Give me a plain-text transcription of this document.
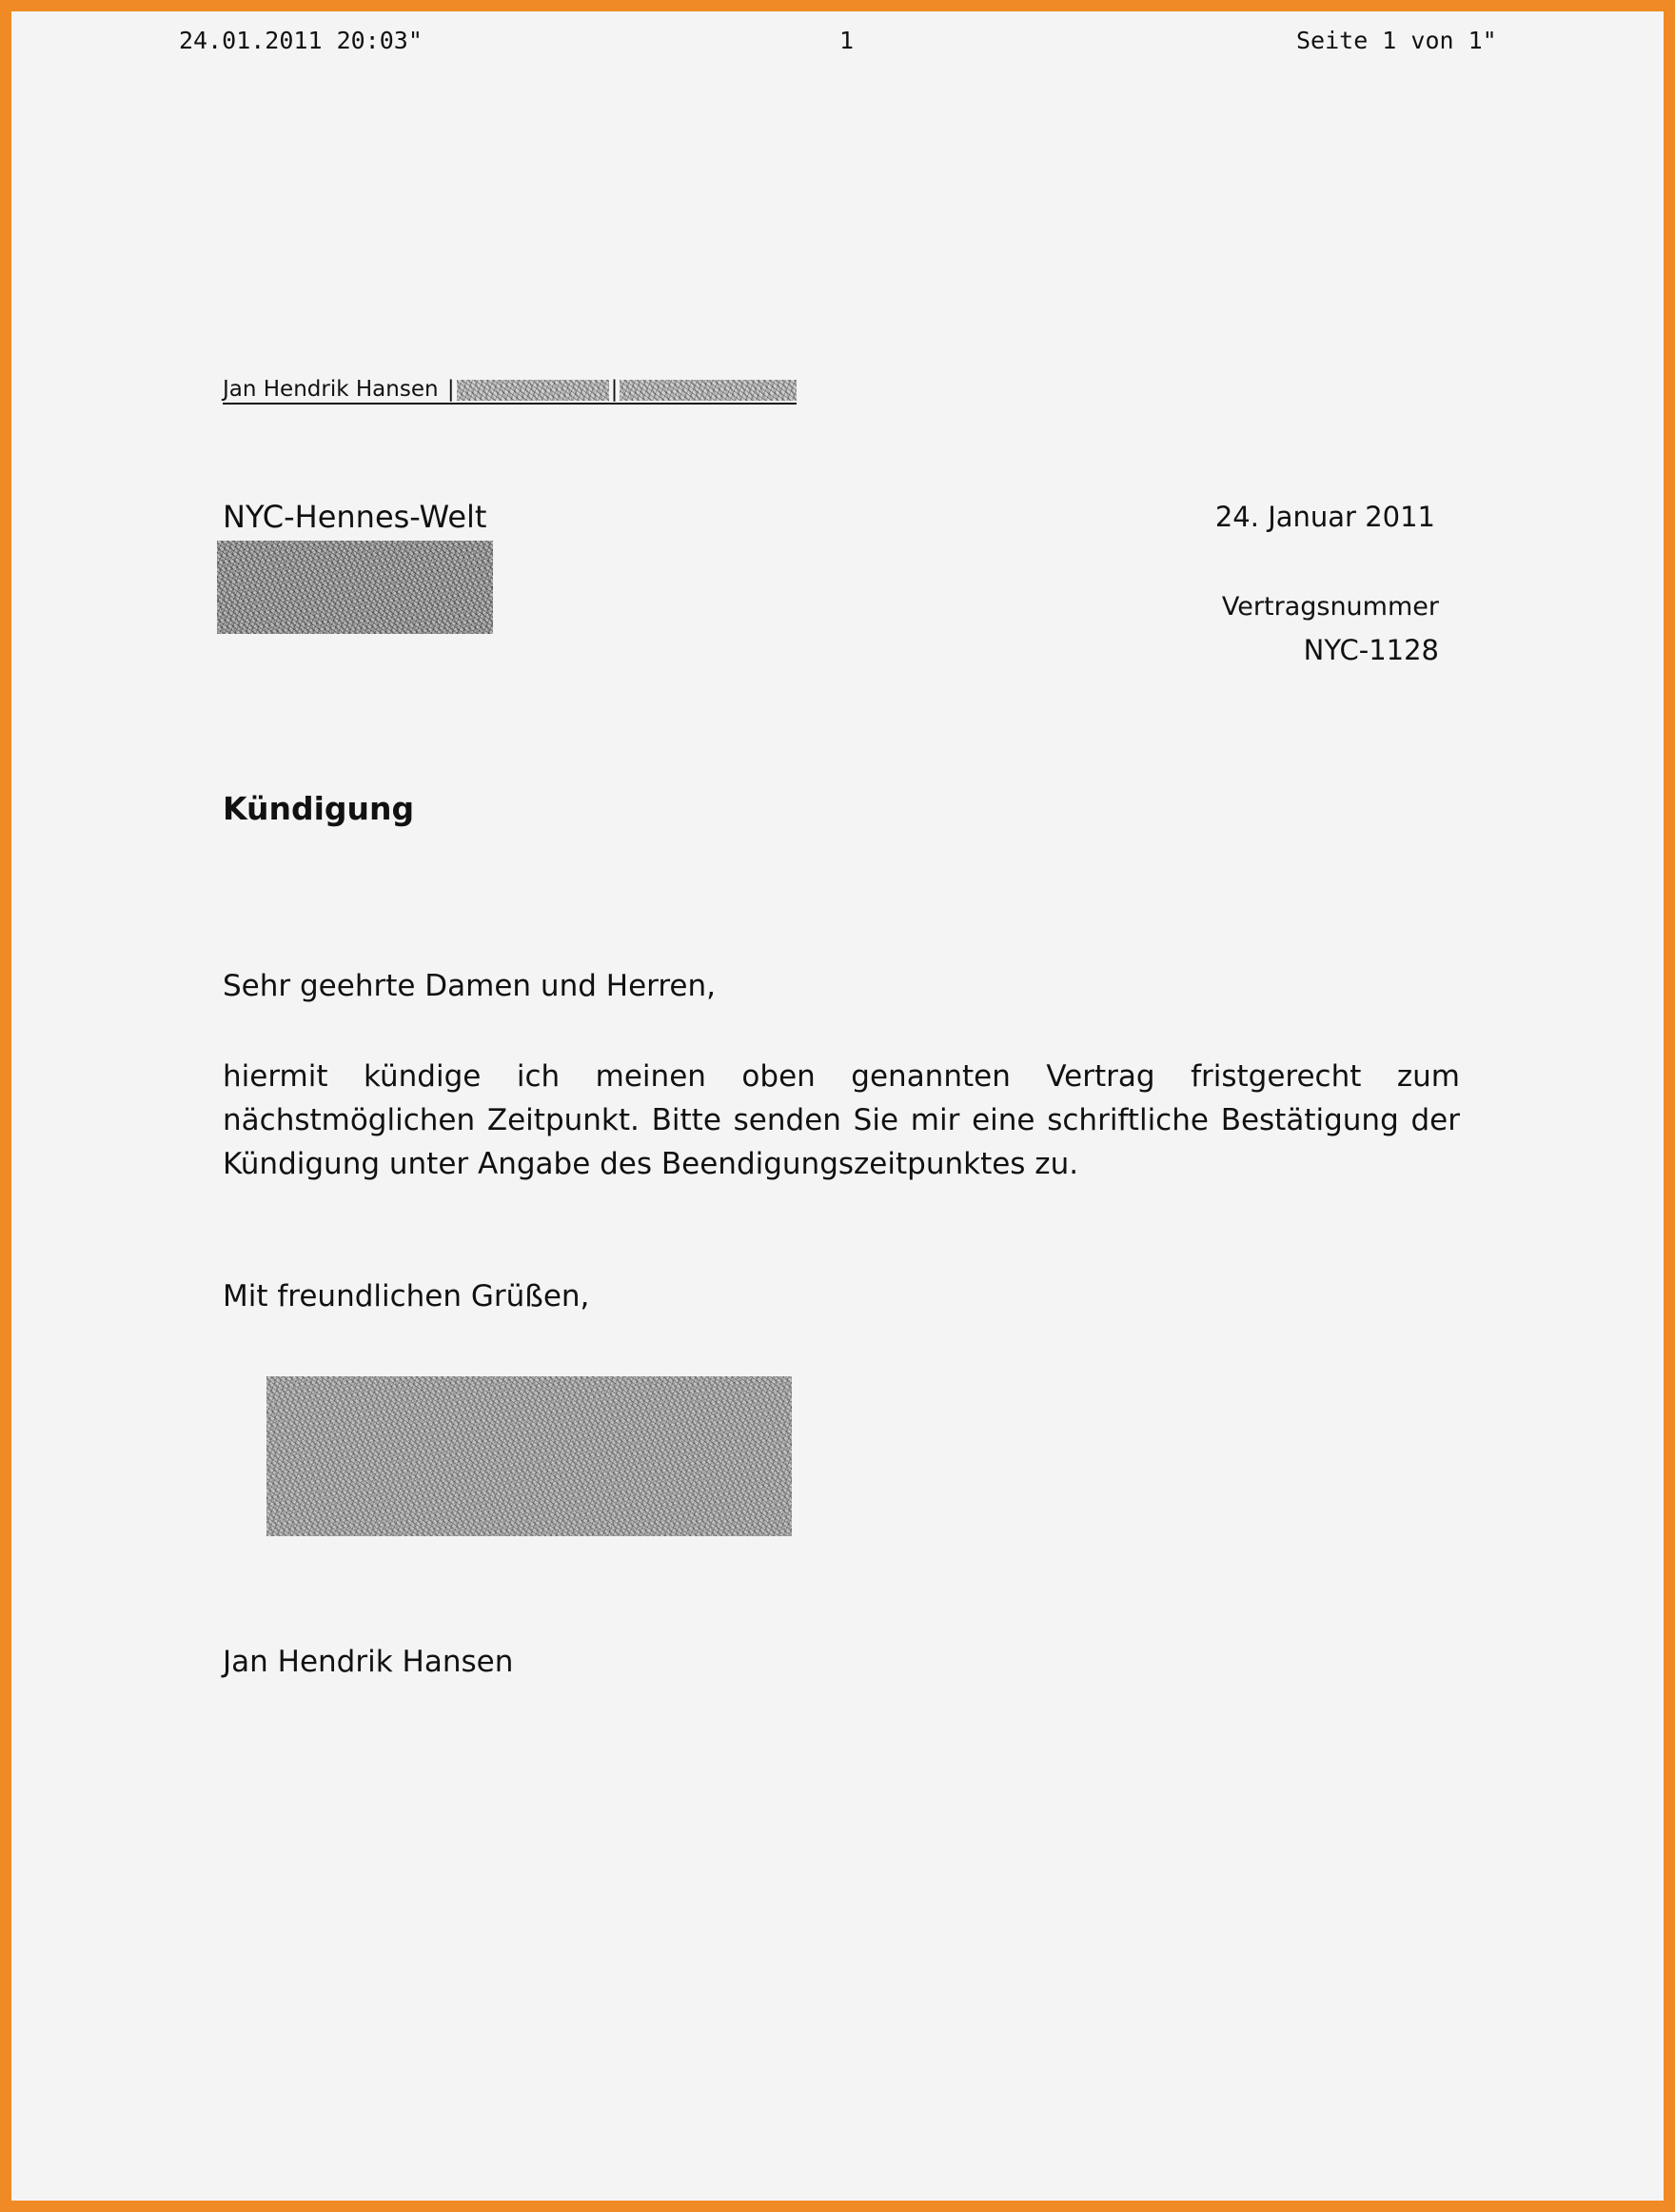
24.01.2011 20:03"	1	Seite 1 von 1"
Jan Hendrik Hansen |	|
NYC-Hennes-Welt	24. Januar 2011
Vertragsnummer
NYC-1128
Kündigung
Sehr geehrte Damen und Herren,
hiermit kündige ich meinen oben genannten Vertrag fristgerecht zum nächstmöglichen Zeitpunkt. Bitte senden Sie mir eine schriftliche Bestätigung der Kündigung unter Angabe des Beendigungszeitpunktes zu.
Mit freundlichen Grüßen,
Jan Hendrik Hansen
